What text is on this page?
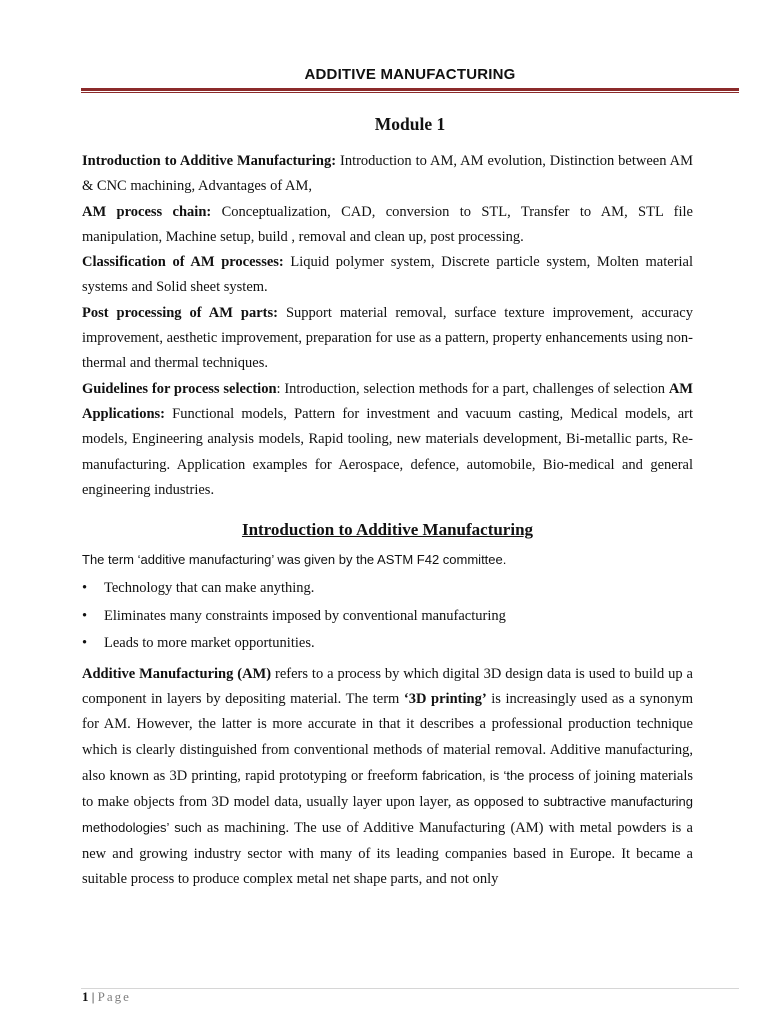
ADDITIVE MANUFACTURING
Module 1

Introduction to Additive Manufacturing: Introduction to AM, AM evolution, Distinction between AM & CNC machining, Advantages of AM,

AM process chain: Conceptualization, CAD, conversion to STL, Transfer to AM, STL file manipulation, Machine setup, build , removal and clean up, post processing.

Classification of AM processes: Liquid polymer system, Discrete particle system, Molten material systems and Solid sheet system.

Post processing of AM parts: Support material removal, surface texture improvement, accuracy improvement, aesthetic improvement, preparation for use as a pattern, property enhancements using non-thermal and thermal techniques.

Guidelines for process selection: Introduction, selection methods for a part, challenges of selection AM Applications: Functional models, Pattern for investment and vacuum casting, Medical models, art models, Engineering analysis models, Rapid tooling, new materials development, Bi-metallic parts, Re-manufacturing. Application examples for Aerospace, defence, automobile, Bio-medical and general engineering industries.

Introduction to Additive Manufacturing
The term ‘additive manufacturing’ was given by the ASTM F42 committee.
• Technology that can make anything.
• Eliminates many constraints imposed by conventional manufacturing
• Leads to more market opportunities.

Additive Manufacturing (AM) refers to a process by which digital 3D design data is used to build up a component in layers by depositing material. The term ‘3D printing’ is increasingly used as a synonym for AM. However, the latter is more accurate in that it describes a professional production technique which is clearly distinguished from conventional methods of material removal. Additive manufacturing, also known as 3D printing, rapid prototyping or freeform fabrication, is ‘the process of joining materials to make objects from 3D model data, usually layer upon layer, as opposed to subtractive manufacturing methodologies’ such as machining. The use of Additive Manufacturing (AM) with metal powders is a new and growing industry sector with many of its leading companies based in Europe. It became a suitable process to produce complex metal net shape parts, and not only

1 | Page
